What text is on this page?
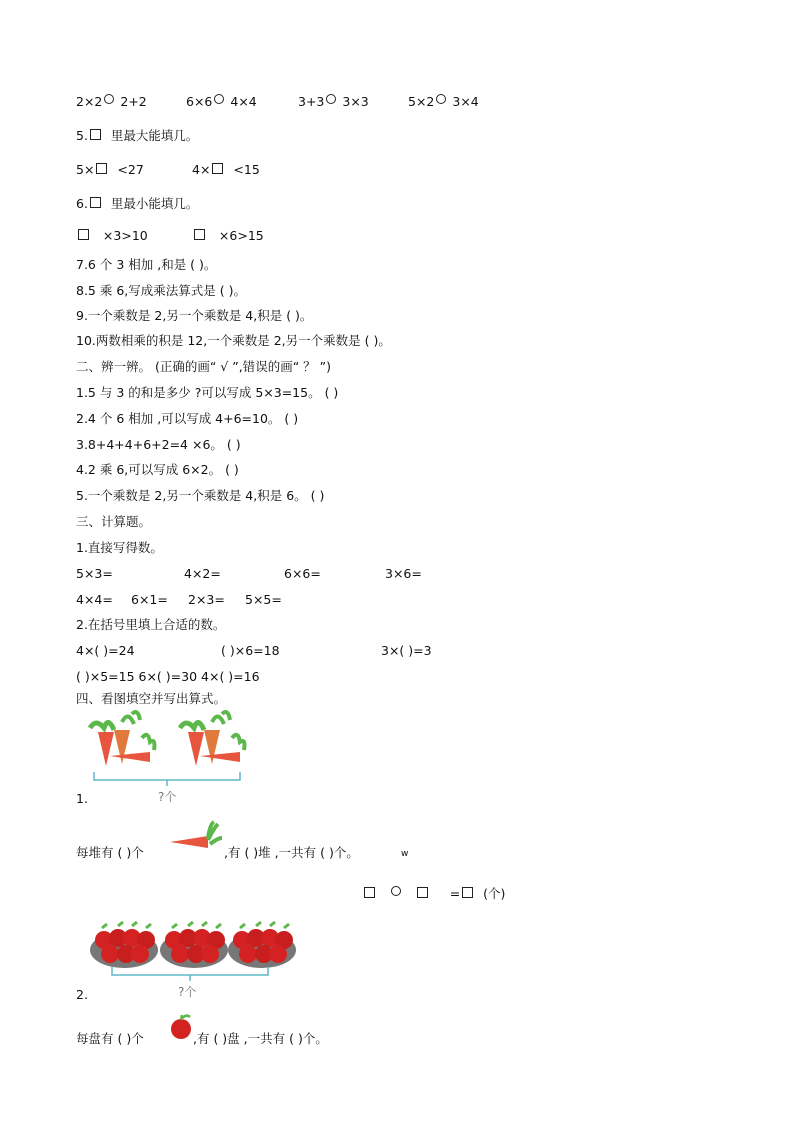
2×2 2+2	6×6 4×4	3+3 3×3	5×2 3×4
5. 里最大能填几。
5× <27	4× <15
6. 里最小能填几。
×3>10	×6>15
7.6 个 3 相加 ,和是 ( )。
8.5 乘 6,写成乘法算式是 ( )。
9.一个乘数是 2,另一个乘数是 4,积是 ( )。
10.两数相乘的积是 12,一个乘数是 2,另一个乘数是 ( )。
二、辨一辨。 (正确的画“ √ ”,错误的画“ ？ ”)
1.5 与 3 的和是多少 ?可以写成 5×3=15。 ( )
2.4 个 6 相加 ,可以写成 4+6=10。 ( )
3.8+4+4+6+2=4 ×6。 ( )
4.2 乘 6,可以写成 6×2。 ( )
5.一个乘数是 2,另一个乘数是 4,积是 6。 ( )
三、计算题。
1.直接写得数。
5×3=	4×2=	6×6=	3×6=
4×4= 6×1= 2×3= 5×5=
2.在括号里填上合适的数。
4×( )=24	( )×6=18	3×( )=3
( )×5=15 6×( )=30 4×( )=16
四、看图填空并写出算式。
?个
1.
每堆有 ( )个	,有 ( )堆 ,一共有 ( )个。	w
= (个)
?个
2.
每盘有 ( )个	,有 ( )盘 ,一共有 ( )个。
